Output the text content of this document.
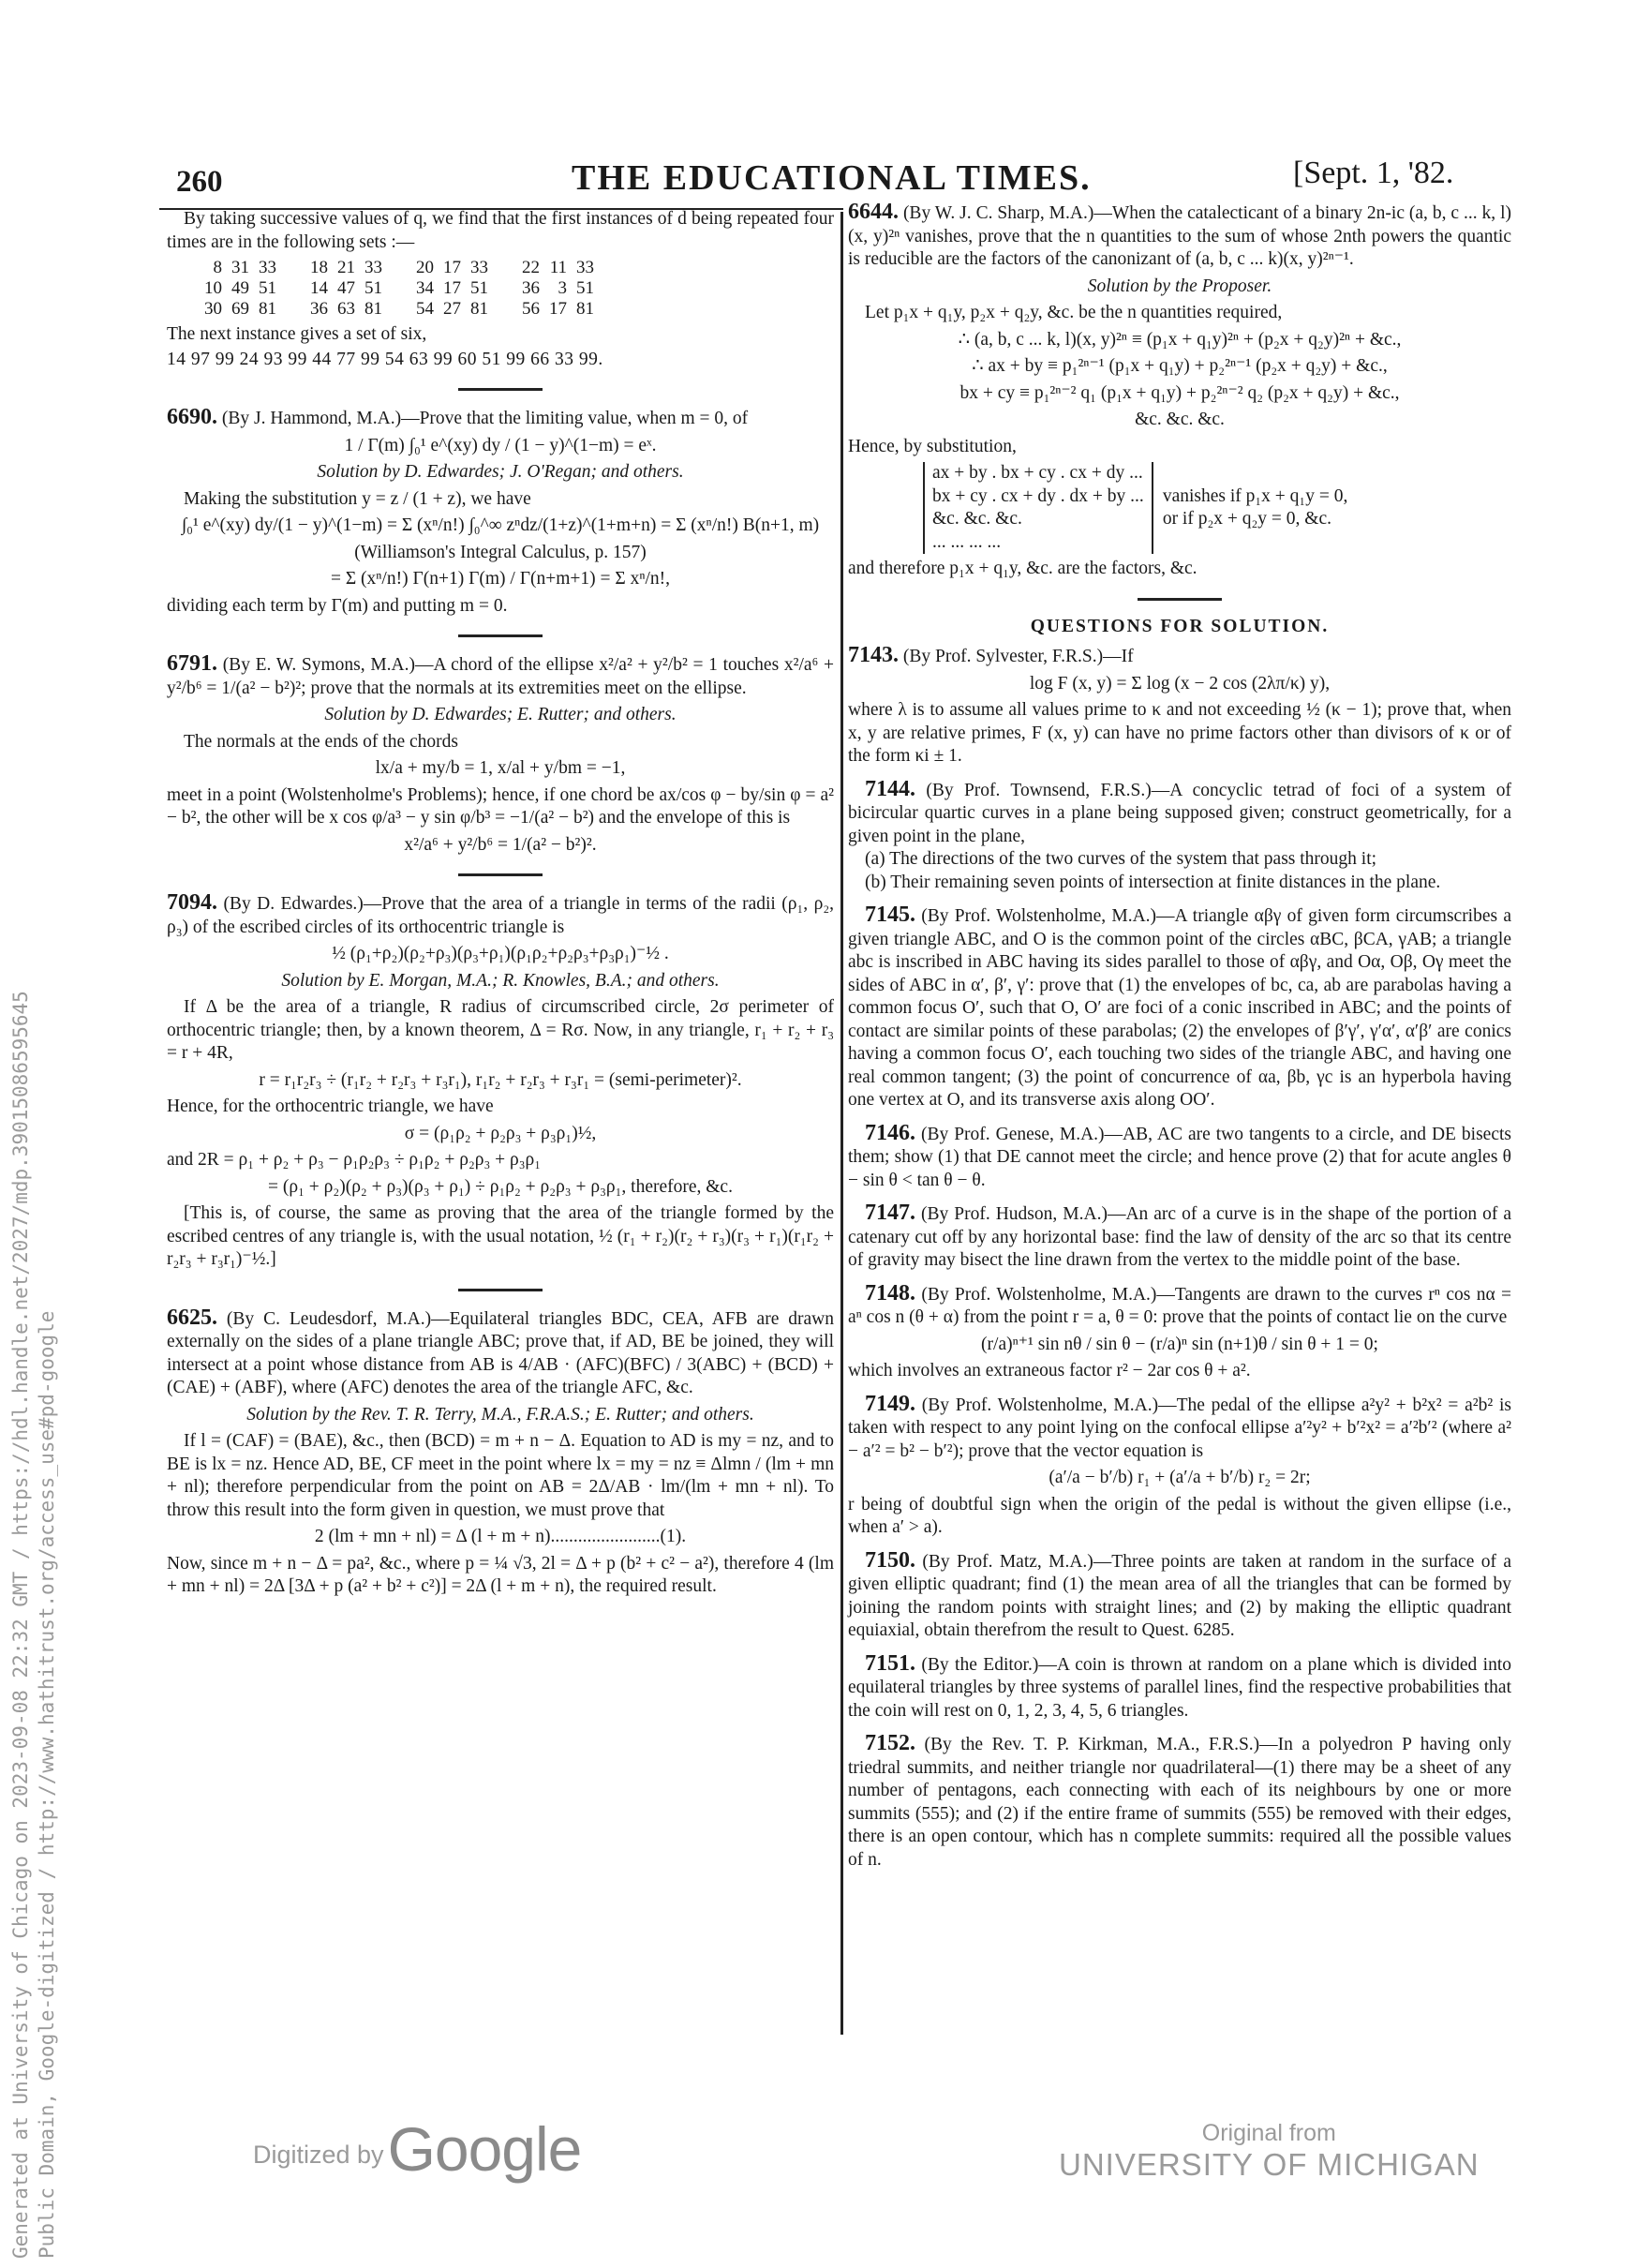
Generated at University of Chicago on 2023-09-08 22:32 GMT / https://hdl.handle.net/2027/mdp.39015086595645 Public Domain, Google-digitized / http://www.hathitrust.org/access_use#pd-google
260	THE EDUCATIONAL TIMES.	[Sept. 1, '82.

By taking successive values of q, we find that the first instances of d being repeated four times are in the following sets :—

8	31	33	18	21	33	20	17	33	22	11	33
10	49	51	14	47	51	34	17	51	36	3	51
30	69	81	36	63	81	54	27	81	56	17	81

The next instance gives a set of six,

14 97 99 24 93 99 44 77 99 54 63 99 60 51 99 66 33 99.

6690. (By J. Hammond, M.A.)—Prove that the limiting value, when m = 0, of

1 / Γ(m) ∫₀¹ e^(xy) dy / (1 − y)^(1−m) = eˣ.

Solution by D. Edwardes; J. O'Regan; and others.

Making the substitution y = z / (1 + z), we have

∫₀¹ e^(xy) dy/(1 − y)^(1−m) = Σ (xⁿ/n!) ∫₀^∞ zⁿdz/(1+z)^(1+m+n) = Σ (xⁿ/n!) B(n+1, m)

(Williamson's Integral Calculus, p. 157)

= Σ (xⁿ/n!) Γ(n+1) Γ(m) / Γ(n+m+1) = Σ xⁿ/n!,

dividing each term by Γ(m) and putting m = 0.

6791. (By E. W. Symons, M.A.)—A chord of the ellipse x²/a² + y²/b² = 1 touches x²/a⁶ + y²/b⁶ = 1/(a² − b²)²; prove that the normals at its extremities meet on the ellipse.

Solution by D. Edwardes; E. Rutter; and others.

The normals at the ends of the chords

lx/a + my/b = 1, x/al + y/bm = −1,

meet in a point (Wolstenholme's Problems); hence, if one chord be ax/cos φ − by/sin φ = a² − b², the other will be x cos φ/a³ − y sin φ/b³ = −1/(a² − b²) and the envelope of this is

x²/a⁶ + y²/b⁶ = 1/(a² − b²)².

7094. (By D. Edwardes.)—Prove that the area of a triangle in terms of the radii (ρ₁, ρ₂, ρ₃) of the escribed circles of its orthocentric triangle is

½ (ρ₁+ρ₂)(ρ₂+ρ₃)(ρ₃+ρ₁)(ρ₁ρ₂+ρ₂ρ₃+ρ₃ρ₁)⁻½ .

Solution by E. Morgan, M.A.; R. Knowles, B.A.; and others.

If Δ be the area of a triangle, R radius of circumscribed circle, 2σ perimeter of orthocentric triangle; then, by a known theorem, Δ = Rσ. Now, in any triangle, r₁ + r₂ + r₃ = r + 4R,

r = r₁r₂r₃ ÷ (r₁r₂ + r₂r₃ + r₃r₁), r₁r₂ + r₂r₃ + r₃r₁ = (semi-perimeter)².

Hence, for the orthocentric triangle, we have

σ = (ρ₁ρ₂ + ρ₂ρ₃ + ρ₃ρ₁)½,

and 2R = ρ₁ + ρ₂ + ρ₃ − ρ₁ρ₂ρ₃ ÷ ρ₁ρ₂ + ρ₂ρ₃ + ρ₃ρ₁

= (ρ₁ + ρ₂)(ρ₂ + ρ₃)(ρ₃ + ρ₁) ÷ ρ₁ρ₂ + ρ₂ρ₃ + ρ₃ρ₁, therefore, &c.

[This is, of course, the same as proving that the area of the triangle formed by the escribed centres of any triangle is, with the usual notation, ½ (r₁ + r₂)(r₂ + r₃)(r₃ + r₁)(r₁r₂ + r₂r₃ + r₃r₁)⁻½.]

6625. (By C. Leudesdorf, M.A.)—Equilateral triangles BDC, CEA, AFB are drawn externally on the sides of a plane triangle ABC; prove that, if AD, BE be joined, they will intersect at a point whose distance from AB is 4/AB · (AFC)(BFC) / 3(ABC) + (BCD) + (CAE) + (ABF), where (AFC) denotes the area of the triangle AFC, &c.

Solution by the Rev. T. R. Terry, M.A., F.R.A.S.; E. Rutter; and others.

If l = (CAF) = (BAE), &c., then (BCD) = m + n − Δ. Equation to AD is my = nz, and to BE is lx = nz. Hence AD, BE, CF meet in the point where lx = my = nz ≡ Δlmn / (lm + mn + nl); therefore perpendicular from the point on AB = 2Δ/AB · lm/(lm + mn + nl). To throw this result into the form given in question, we must prove that

2 (lm + mn + nl) = Δ (l + m + n)........................(1).

Now, since m + n − Δ = pa², &c., where p = ¼ √3, 2l = Δ + p (b² + c² − a²), therefore 4 (lm + mn + nl) = 2Δ [3Δ + p (a² + b² + c²)] = 2Δ (l + m + n), the required result.

6644. (By W. J. C. Sharp, M.A.)—When the catalecticant of a binary 2n-ic (a, b, c ... k, l)(x, y)²ⁿ vanishes, prove that the n quantities to the sum of whose 2nth powers the quantic is reducible are the factors of the canonizant of (a, b, c ... k)(x, y)²ⁿ⁻¹.

Solution by the Proposer.

Let p₁x + q₁y, p₂x + q₂y, &c. be the n quantities required,

∴ (a, b, c ... k, l)(x, y)²ⁿ ≡ (p₁x + q₁y)²ⁿ + (p₂x + q₂y)²ⁿ + &c.,

∴ ax + by ≡ p₁²ⁿ⁻¹ (p₁x + q₁y) + p₂²ⁿ⁻¹ (p₂x + q₂y) + &c.,

bx + cy ≡ p₁²ⁿ⁻² q₁ (p₁x + q₁y) + p₂²ⁿ⁻² q₂ (p₂x + q₂y) + &c.,

&c. &c. &c.

Hence, by substitution,

ax + by . bx + cy . cx + dy ...
bx + cy . cx + dy . dx + by ...
&c. &c. &c.
... ... ... ...
vanishes if p₁x + q₁y = 0,
or if p₂x + q₂y = 0, &c.

and therefore p₁x + q₁y, &c. are the factors, &c.

QUESTIONS FOR SOLUTION.

7143. (By Prof. Sylvester, F.R.S.)—If

log F (x, y) = Σ log (x − 2 cos (2λπ/κ) y),

where λ is to assume all values prime to κ and not exceeding ½ (κ − 1); prove that, when x, y are relative primes, F (x, y) can have no prime factors other than divisors of κ or of the form κi ± 1.

7144. (By Prof. Townsend, F.R.S.)—A concyclic tetrad of foci of a system of bicircular quartic curves in a plane being supposed given; construct geometrically, for a given point in the plane,

(a) The directions of the two curves of the system that pass through it;

(b) Their remaining seven points of intersection at finite distances in the plane.

7145. (By Prof. Wolstenholme, M.A.)—A triangle αβγ of given form circumscribes a given triangle ABC, and O is the common point of the circles αBC, βCA, γAB; a triangle abc is inscribed in ABC having its sides parallel to those of αβγ, and Oα, Oβ, Oγ meet the sides of ABC in α′, β′, γ′: prove that (1) the envelopes of bc, ca, ab are parabolas having a common focus O′, such that O, O′ are foci of a conic inscribed in ABC; and the points of contact are similar points of these parabolas; (2) the envelopes of β′γ′, γ′α′, α′β′ are conics having a common focus O′, each touching two sides of the triangle ABC, and having one real common tangent; (3) the point of concurrence of αa, βb, γc is an hyperbola having one vertex at O, and its transverse axis along OO′.

7146. (By Prof. Genese, M.A.)—AB, AC are two tangents to a circle, and DE bisects them; show (1) that DE cannot meet the circle; and hence prove (2) that for acute angles θ − sin θ < tan θ − θ.

7147. (By Prof. Hudson, M.A.)—An arc of a curve is in the shape of the portion of a catenary cut off by any horizontal base: find the law of density of the arc so that its centre of gravity may bisect the line drawn from the vertex to the middle point of the base.

7148. (By Prof. Wolstenholme, M.A.)—Tangents are drawn to the curves rⁿ cos nα = aⁿ cos n (θ + α) from the point r = a, θ = 0: prove that the points of contact lie on the curve

(r/a)ⁿ⁺¹ sin nθ / sin θ − (r/a)ⁿ sin (n+1)θ / sin θ + 1 = 0;

which involves an extraneous factor r² − 2ar cos θ + a².

7149. (By Prof. Wolstenholme, M.A.)—The pedal of the ellipse a²y² + b²x² = a²b² is taken with respect to any point lying on the confocal ellipse a′²y² + b′²x² = a′²b′² (where a² − a′² = b² − b′²); prove that the vector equation is

(a′/a − b′/b) r₁ + (a′/a + b′/b) r₂ = 2r;

r being of doubtful sign when the origin of the pedal is without the given ellipse (i.e., when a′ > a).

7150. (By Prof. Matz, M.A.)—Three points are taken at random in the surface of a given elliptic quadrant; find (1) the mean area of all the triangles that can be formed by joining the random points with straight lines; and (2) by making the elliptic quadrant equiaxial, obtain therefrom the result to Quest. 6285.

7151. (By the Editor.)—A coin is thrown at random on a plane which is divided into equilateral triangles by three systems of parallel lines, find the respective probabilities that the coin will rest on 0, 1, 2, 3, 4, 5, 6 triangles.

7152. (By the Rev. T. P. Kirkman, M.A., F.R.S.)—In a polyedron P having only triedral summits, and neither triangle nor quadrilateral—(1) there may be a sheet of any number of pentagons, each connecting with each of its neighbours by one or more summits (555); and (2) if the entire frame of summits (555) be removed with their edges, there is an open contour, which has n complete summits: required all the possible values of n.

Digitized by Google	Original from
UNIVERSITY OF MICHIGAN
